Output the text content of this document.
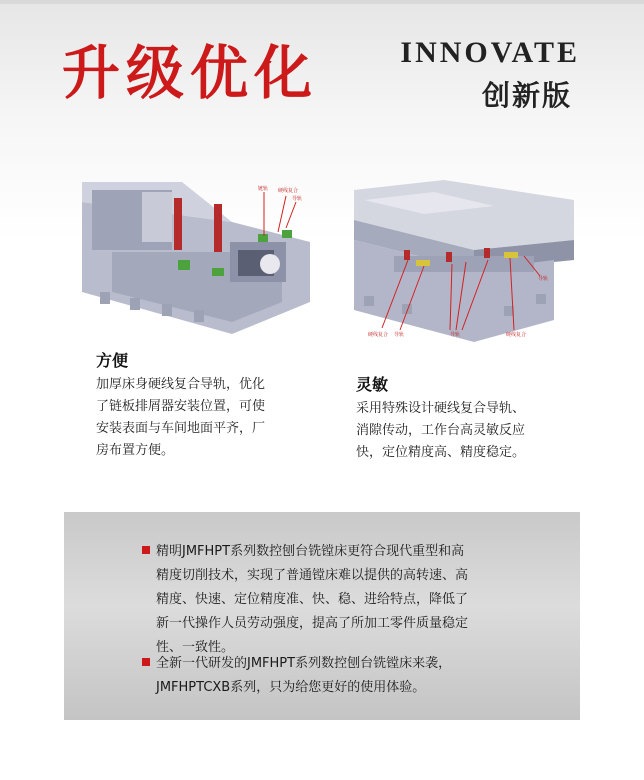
升级优化	INNOVATE
创新版
链轨 硬线复合
导轨
硬线复合 导轨	导轨	硬线复合
导轨
方便
加厚床身硬线复合导轨，优化
了链板排屑器安装位置，可使
安装表面与车间地面平齐，厂
房布置方便。
灵敏
采用特殊设计硬线复合导轨、
消隙传动，工作台高灵敏反应
快，定位精度高、精度稳定。
精明JMFHPT系列数控刨台铣镗床更符合现代重型和高
精度切削技术，实现了普通镗床难以提供的高转速、高
精度、快速、定位精度准、快、稳、进给特点，降低了
新一代操作人员劳动强度，提高了所加工零件质量稳定
性、一致性。
全新一代研发的JMFHPT系列数控刨台铣镗床来袭，
JMFHPTCXB系列，只为给您更好的使用体验。
